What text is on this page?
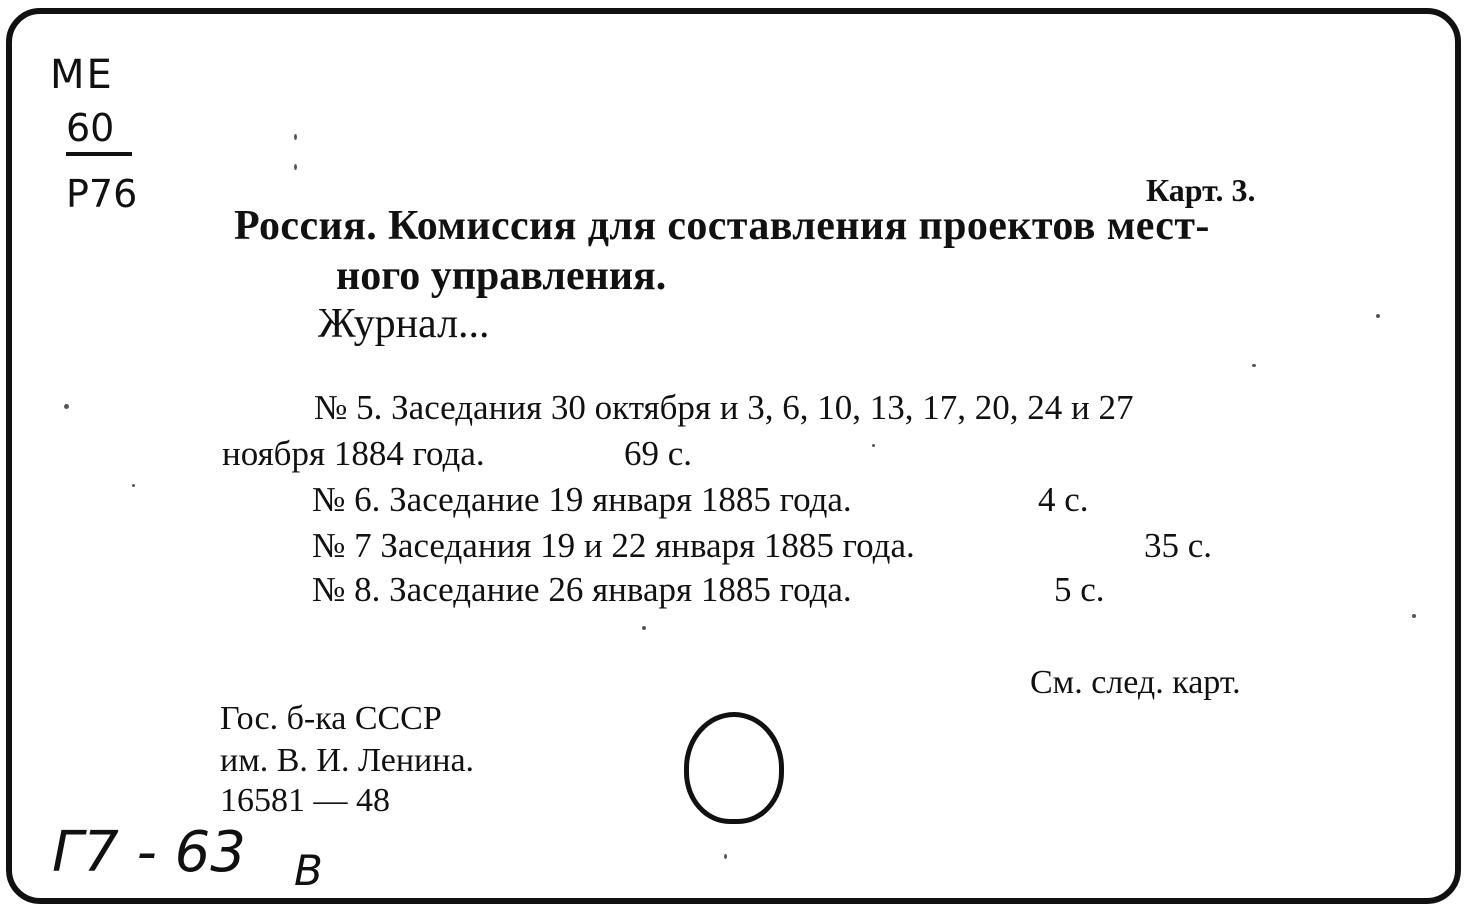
ME
60
P76	Карт. 3.
Россия. Комиссия для составления проектов мест-
ного управления.
Журнал...
№ 5. Заседания 30 октября и 3, 6, 10, 13, 17, 20, 24 и 27
ноября 1884 года.	69 с.
№ 6. Заседание 19 января 1885 года.	4 с.
№ 7 Заседания 19 и 22 января 1885 года.	35 с.
№ 8. Заседание 26 января 1885 года.	5 с.
См. след. карт.
Гос. б-ка СССР
им. В. И. Ленина.
16581 — 48
Г7 - 63 В
